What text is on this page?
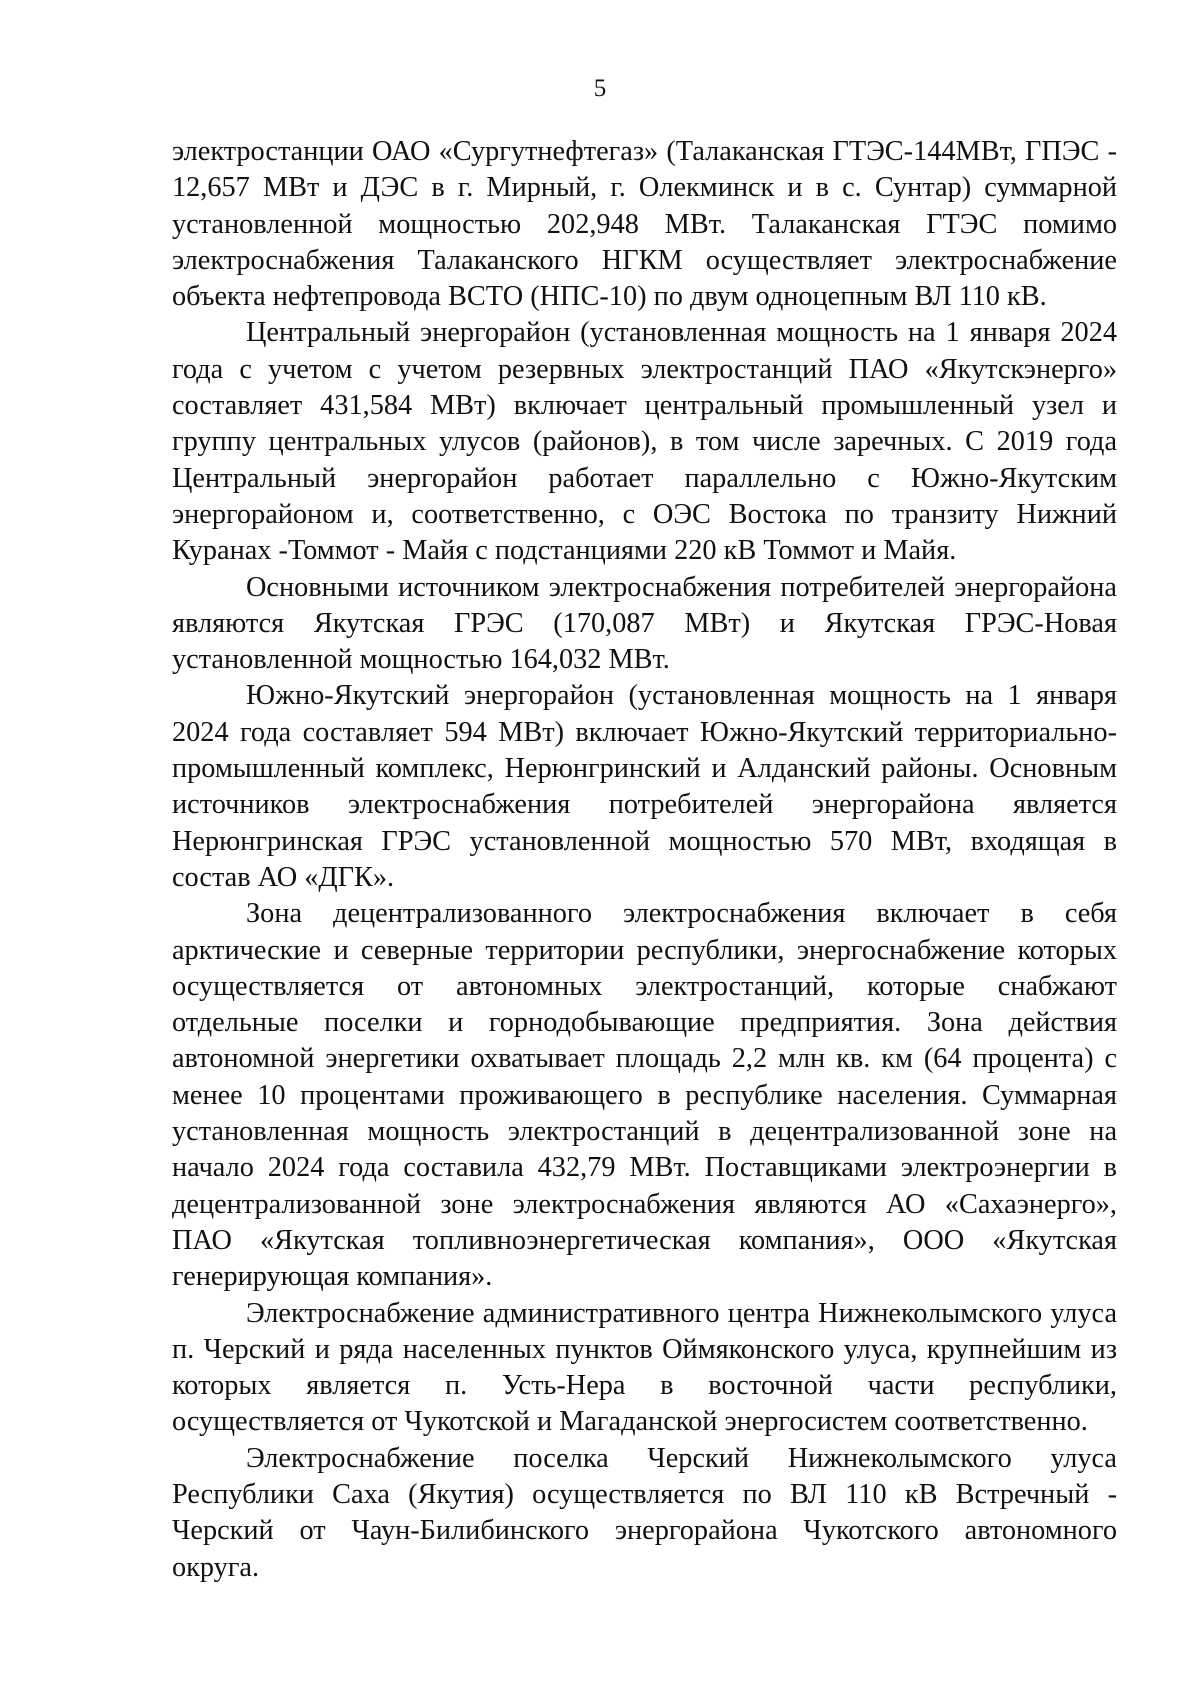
5

электростанции ОАО «Сургутнефтегаз» (Талаканская ГТЭС-144МВт, ГПЭС - 12,657 МВт и ДЭС в г. Мирный, г. Олекминск и в с. Сунтар) суммарной установленной мощностью 202,948 МВт. Талаканская ГТЭС помимо электроснабжения Талаканского НГКМ осуществляет электроснабжение объекта нефтепровода ВСТО (НПС-10) по двум одноцепным ВЛ 110 кВ.

Центральный энергорайон (установленная мощность на 1 января 2024 года с учетом с учетом резервных электростанций ПАО «Якутскэнерго» составляет 431,584 МВт) включает центральный промышленный узел и группу центральных улусов (районов), в том числе заречных. С 2019 года Центральный энергорайон работает параллельно с Южно-Якутским энергорайоном и, соответственно, с ОЭС Востока по транзиту Нижний Куранах -Томмот - Майя с подстанциями 220 кВ Томмот и Майя.

Основными источником электроснабжения потребителей энергорайона являются Якутская ГРЭС (170,087 МВт) и Якутская ГРЭС-Новая установленной мощностью 164,032 МВт.

Южно-Якутский энергорайон (установленная мощность на 1 января 2024 года составляет 594 МВт) включает Южно-Якутский территориально-промышленный комплекс, Нерюнгринский и Алданский районы. Основным источников электроснабжения потребителей энергорайона является Нерюнгринская ГРЭС установленной мощностью 570 МВт, входящая в состав АО «ДГК».

Зона децентрализованного электроснабжения включает в себя арктические и северные территории республики, энергоснабжение которых осуществляется от автономных электростанций, которые снабжают отдельные поселки и горнодобывающие предприятия. Зона действия автономной энергетики охватывает площадь 2,2 млн кв. км (64 процента) с менее 10 процентами проживающего в республике населения. Суммарная установленная мощность электростанций в децентрализованной зоне на начало 2024 года составила 432,79 МВт. Поставщиками электроэнергии в децентрализованной зоне электроснабжения являются АО «Сахаэнерго», ПАО «Якутская топливноэнергетическая компания», ООО «Якутская генерирующая компания».

Электроснабжение административного центра Нижнеколымского улуса п. Черский и ряда населенных пунктов Оймяконского улуса, крупнейшим из которых является п. Усть-Нера в восточной части республики, осуществляется от Чукотской и Магаданской энергосистем соответственно.

Электроснабжение поселка Черский Нижнеколымского улуса Республики Саха (Якутия) осуществляется по ВЛ 110 кВ Встречный - Черский от Чаун-Билибинского энергорайона Чукотского автономного округа.
